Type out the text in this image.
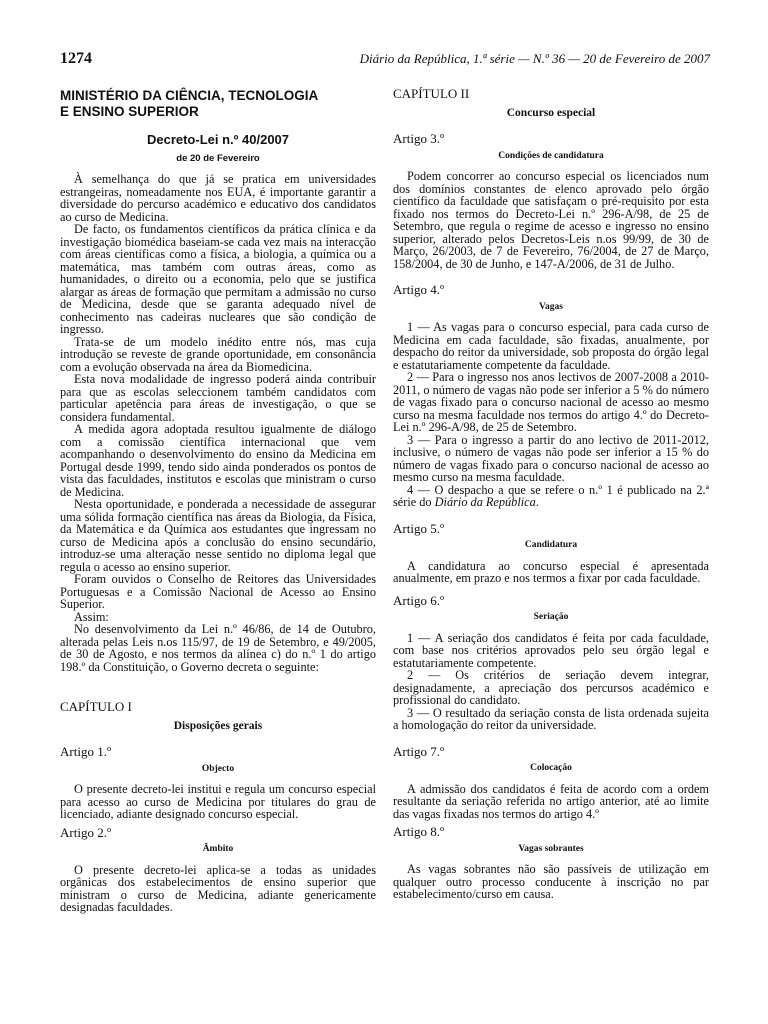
1274	Diário da República, 1.ª série — N.º 36 — 20 de Fevereiro de 2007

MINISTÉRIO DA CIÊNCIA, TECNOLOGIA

E ENSINO SUPERIOR

Decreto-Lei n.º 40/2007
de 20 de Fevereiro

À semelhança do que já se pratica em universidades estrangeiras, nomeadamente nos EUA, é importante garantir a diversidade do percurso académico e educativo dos candidatos ao curso de Medicina.

De facto, os fundamentos científicos da prática clínica e da investigação biomédica baseiam-se cada vez mais na interacção com áreas científicas como a física, a biologia, a química ou a matemática, mas também com outras áreas, como as humanidades, o direito ou a economia, pelo que se justifica alargar as áreas de formação que permitam a admissão no curso de Medicina, desde que se garanta adequado nível de conhecimento nas cadeiras nucleares que são condição de ingresso.

Trata-se de um modelo inédito entre nós, mas cuja introdução se reveste de grande oportunidade, em consonância com a evolução observada na área da Biomedicina.

Esta nova modalidade de ingresso poderá ainda contribuir para que as escolas seleccionem também candidatos com particular apetência para áreas de investigação, o que se considera fundamental.

A medida agora adoptada resultou igualmente de diálogo com a comissão científica internacional que vem acompanhando o desenvolvimento do ensino da Medicina em Portugal desde 1999, tendo sido ainda ponderados os pontos de vista das faculdades, institutos e escolas que ministram o curso de Medicina.

Nesta oportunidade, e ponderada a necessidade de assegurar uma sólida formação científica nas áreas da Biologia, da Física, da Matemática e da Química aos estudantes que ingressam no curso de Medicina após a conclusão do ensino secundário, introduz-se uma alteração nesse sentido no diploma legal que regula o acesso ao ensino superior.

Foram ouvidos o Conselho de Reitores das Universidades Portuguesas e a Comissão Nacional de Acesso ao Ensino Superior.

Assim:

No desenvolvimento da Lei n.º 46/86, de 14 de Outubro, alterada pelas Leis n.os 115/97, de 19 de Setembro, e 49/2005, de 30 de Agosto, e nos termos da alínea c) do n.º 1 do artigo 198.º da Constituição, o Governo decreta o seguinte:

CAPÍTULO I

Disposições gerais

Artigo 1.º

Objecto

O presente decreto-lei institui e regula um concurso especial para acesso ao curso de Medicina por titulares do grau de licenciado, adiante designado concurso especial.

Artigo 2.º

Âmbito

O presente decreto-lei aplica-se a todas as unidades orgânicas dos estabelecimentos de ensino superior que ministram o curso de Medicina, adiante genericamente designadas faculdades.

CAPÍTULO II

Concurso especial

Artigo 3.º

Condições de candidatura

Podem concorrer ao concurso especial os licenciados num dos domínios constantes de elenco aprovado pelo órgão científico da faculdade que satisfaçam o pré-requisito por esta fixado nos termos do Decreto-Lei n.º 296-A/98, de 25 de Setembro, que regula o regime de acesso e ingresso no ensino superior, alterado pelos Decretos-Leis n.os 99/99, de 30 de Março, 26/2003, de 7 de Fevereiro, 76/2004, de 27 de Março, 158/2004, de 30 de Junho, e 147-A/2006, de 31 de Julho.

Artigo 4.º

Vagas

1 — As vagas para o concurso especial, para cada curso de Medicina em cada faculdade, são fixadas, anualmente, por despacho do reitor da universidade, sob proposta do órgão legal e estatutariamente competente da faculdade.

2 — Para o ingresso nos anos lectivos de 2007-2008 a 2010-2011, o número de vagas não pode ser inferior a 5 % do número de vagas fixado para o concurso nacional de acesso ao mesmo curso na mesma faculdade nos termos do artigo 4.º do Decreto-Lei n.º 296-A/98, de 25 de Setembro.

3 — Para o ingresso a partir do ano lectivo de 2011-2012, inclusive, o número de vagas não pode ser inferior a 15 % do número de vagas fixado para o concurso nacional de acesso ao mesmo curso na mesma faculdade.

4 — O despacho a que se refere o n.º 1 é publicado na 2.ª série do Diário da República.

Artigo 5.º

Candidatura

A candidatura ao concurso especial é apresentada anualmente, em prazo e nos termos a fixar por cada faculdade.

Artigo 6.º

Seriação

1 — A seriação dos candidatos é feita por cada faculdade, com base nos critérios aprovados pelo seu órgão legal e estatutariamente competente.

2 — Os critérios de seriação devem integrar, designadamente, a apreciação dos percursos académico e profissional do candidato.

3 — O resultado da seriação consta de lista ordenada sujeita a homologação do reitor da universidade.

Artigo 7.º

Colocação

A admissão dos candidatos é feita de acordo com a ordem resultante da seriação referida no artigo anterior, até ao limite das vagas fixadas nos termos do artigo 4.º

Artigo 8.º

Vagas sobrantes

As vagas sobrantes não são passíveis de utilização em qualquer outro processo conducente à inscrição no par estabelecimento/curso em causa.
